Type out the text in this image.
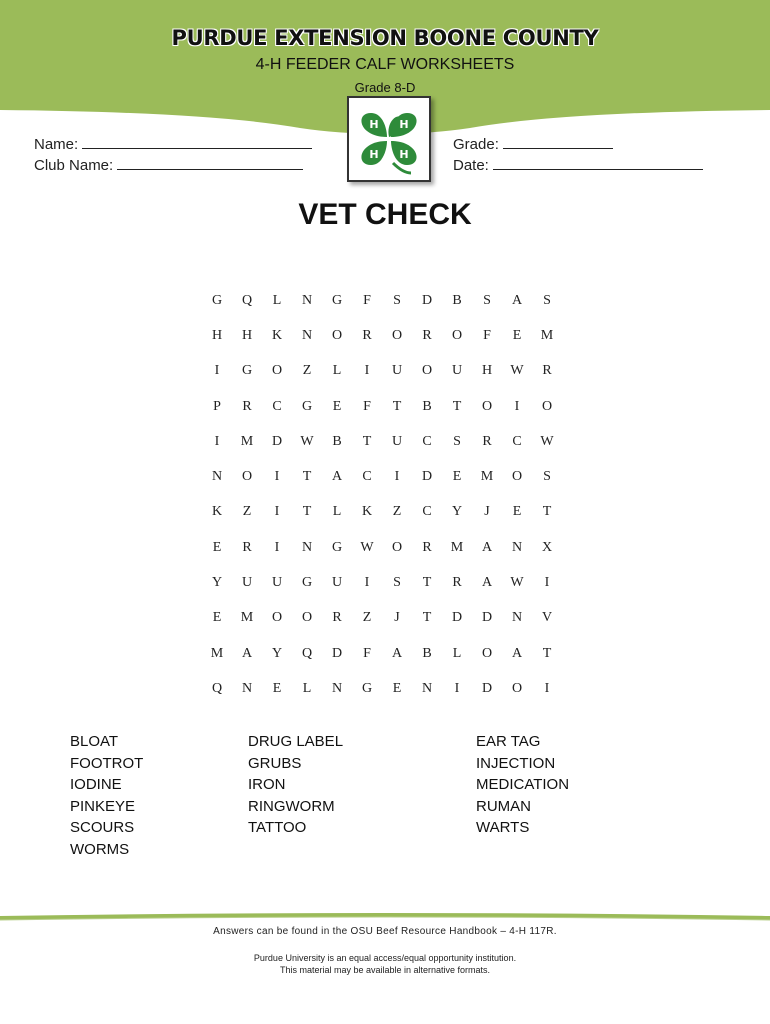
PURDUE EXTENSION BOONE COUNTY
4-H FEEDER CALF WORKSHEETS
Grade 8-D
H H
H H
Name:
Club Name:
Grade:
Date:
VET CHECK
G	Q	L	N	G	F	S	D	B	S	A	S
H	H	K	N	O	R	O	R	O	F	E	M
I	G	O	Z	L	I	U	O	U	H	W	R
P	R	C	G	E	F	T	B	T	O	I	O
I	M	D	W	B	T	U	C	S	R	C	W
N	O	I	T	A	C	I	D	E	M	O	S
K	Z	I	T	L	K	Z	C	Y	J	E	T
E	R	I	N	G	W	O	R	M	A	N	X
Y	U	U	G	U	I	S	T	R	A	W	I
E	M	O	O	R	Z	J	T	D	D	N	V
M	A	Y	Q	D	F	A	B	L	O	A	T
Q	N	E	L	N	G	E	N	I	D	O	I
BLOAT
FOOTROT
IODINE
PINKEYE
SCOURS
WORMS
DRUG LABEL
GRUBS
IRON
RINGWORM
TATTOO
EAR TAG
INJECTION
MEDICATION
RUMAN
WARTS
Answers can be found in the OSU Beef Resource Handbook – 4-H 117R.
Purdue University is an equal access/equal opportunity institution.
This material may be available in alternative formats.
